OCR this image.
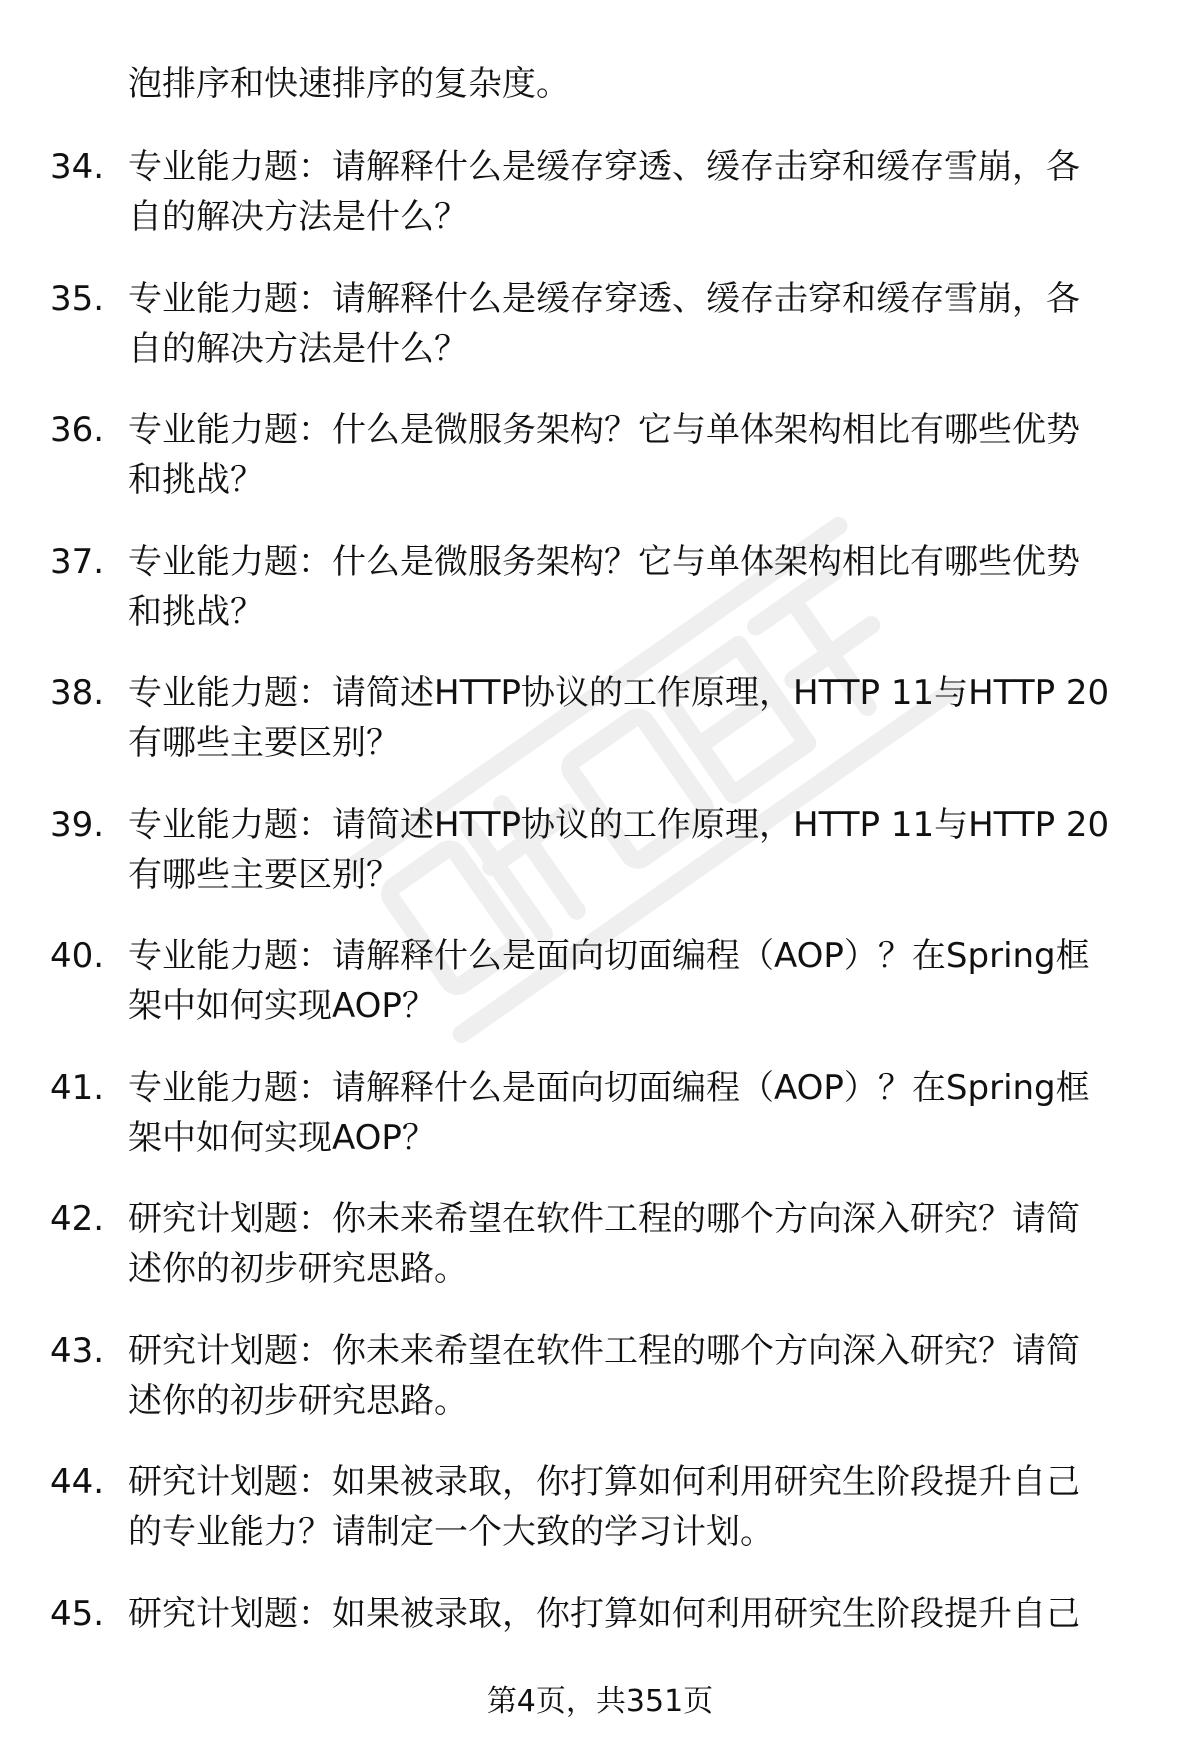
泡排序和快速排序的复杂度。
34. 专业能力题：请解释什么是缓存穿透、缓存击穿和缓存雪崩，各
自的解决方法是什么？
35. 专业能力题：请解释什么是缓存穿透、缓存击穿和缓存雪崩，各
自的解决方法是什么？
36. 专业能力题：什么是微服务架构？它与单体架构相比有哪些优势
和挑战？
37. 专业能力题：什么是微服务架构？它与单体架构相比有哪些优势
和挑战？
38. 专业能力题：请简述HTTP协议的工作原理，HTTP 11与HTTP 20
有哪些主要区别？
39. 专业能力题：请简述HTTP协议的工作原理，HTTP 11与HTTP 20
有哪些主要区别？
40. 专业能力题：请解释什么是面向切面编程（AOP）？在Spring框
架中如何实现AOP？
41. 专业能力题：请解释什么是面向切面编程（AOP）？在Spring框
架中如何实现AOP？
42. 研究计划题：你未来希望在软件工程的哪个方向深入研究？请简
述你的初步研究思路。
43. 研究计划题：你未来希望在软件工程的哪个方向深入研究？请简
述你的初步研究思路。
44. 研究计划题：如果被录取，你打算如何利用研究生阶段提升自己
的专业能力？请制定一个大致的学习计划。
45. 研究计划题：如果被录取，你打算如何利用研究生阶段提升自己
第4页，共351页
